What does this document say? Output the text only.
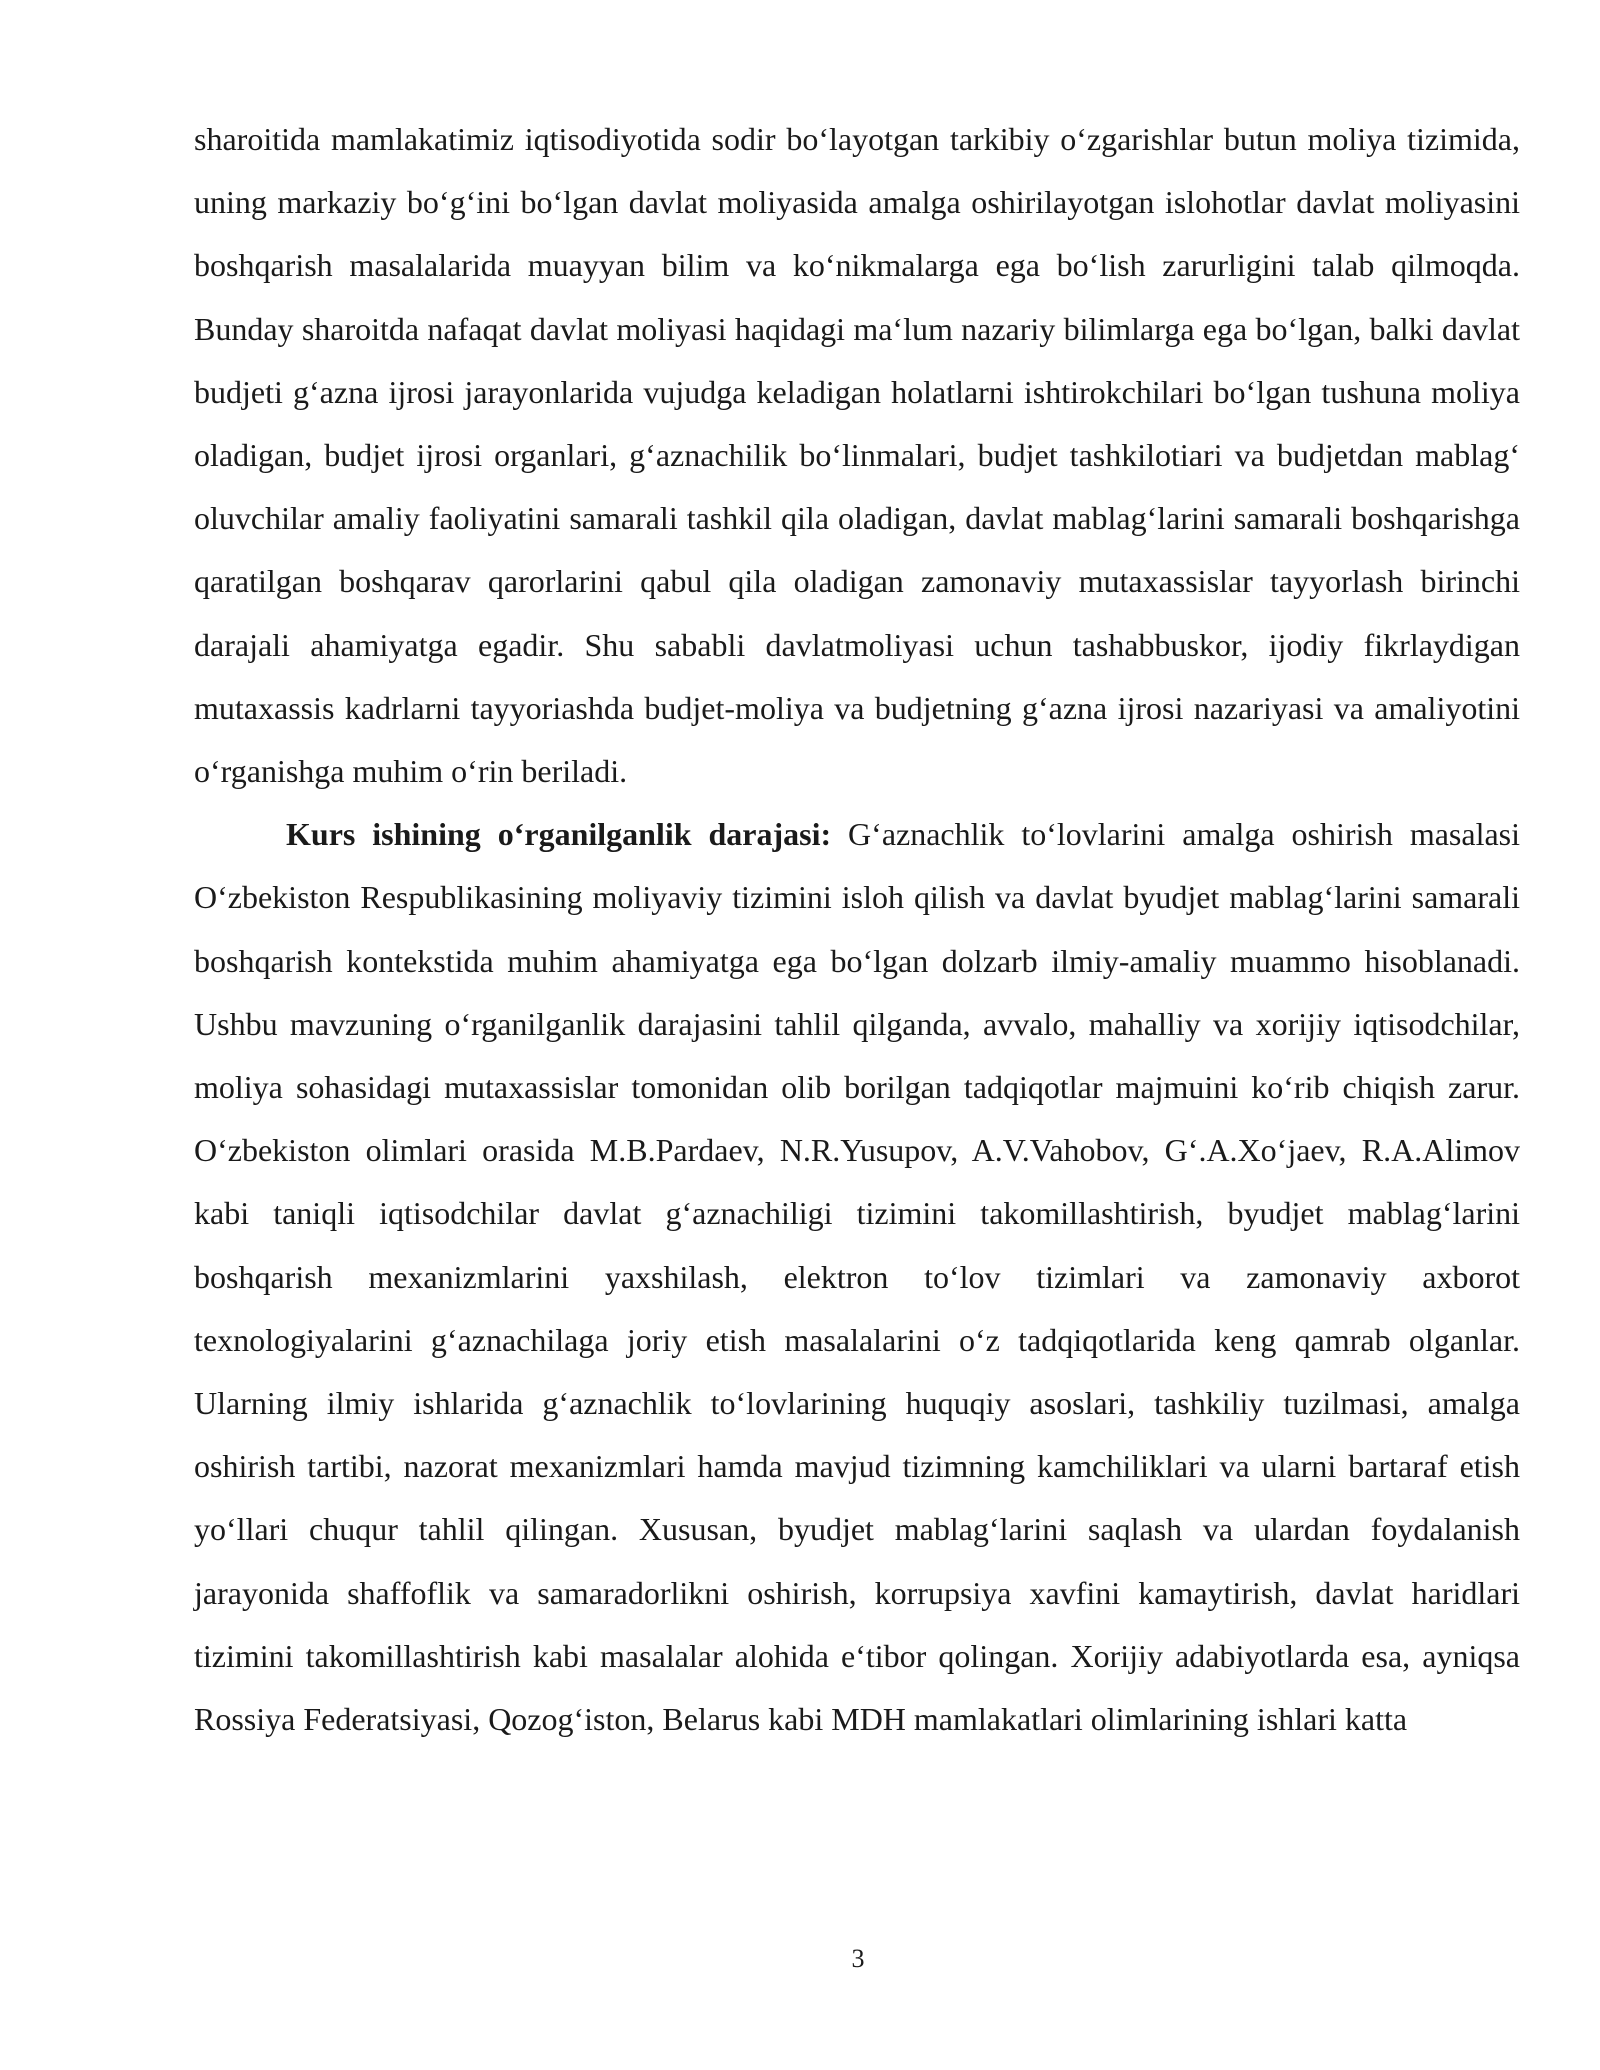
sharoitida mamlakatimiz iqtisodiyotida sodir bo‘layotgan tarkibiy o‘zgarishlar butun moliya tizimida, uning markaziy bo‘g‘ini bo‘lgan davlat moliyasida amalga oshirilayotgan islohotlar davlat moliyasini boshqarish masalalarida muayyan bilim va ko‘nikmalarga ega bo‘lish zarurligini talab qilmoqda. Bunday sharoitda nafaqat davlat moliyasi haqidagi ma‘lum nazariy bilimlarga ega bo‘lgan, balki davlat budjeti g‘azna ijrosi jarayonlarida vujudga keladigan holatlarni ishtirokchilari bo‘lgan tushuna moliya oladigan, budjet ijrosi organlari, g‘aznachilik bo‘linmalari, budjet tashkilotiari va budjetdan mablag‘ oluvchilar amaliy faoliyatini samarali tashkil qila oladigan, davlat mablag‘larini samarali boshqarishga qaratilgan boshqarav qarorlarini qabul qila oladigan zamonaviy mutaxassislar tayyorlash birinchi darajali ahamiyatga egadir. Shu sababli davlatmoliyasi uchun tashabbuskor, ijodiy fikrlaydigan mutaxassis kadrlarni tayyoriashda budjet-moliya va budjetning g‘azna ijrosi nazariyasi va amaliyotini o‘rganishga muhim o‘rin beriladi.

Kurs ishining o‘rganilganlik darajasi: G‘aznachlik to‘lovlarini amalga oshirish masalasi O‘zbekiston Respublikasining moliyaviy tizimini isloh qilish va davlat byudjet mablag‘larini samarali boshqarish kontekstida muhim ahamiyatga ega bo‘lgan dolzarb ilmiy-amaliy muammo hisoblanadi. Ushbu mavzuning o‘rganilganlik darajasini tahlil qilganda, avvalo, mahalliy va xorijiy iqtisodchilar, moliya sohasidagi mutaxassislar tomonidan olib borilgan tadqiqotlar majmuini ko‘rib chiqish zarur. O‘zbekiston olimlari orasida M.B.Pardaev, N.R.Yusupov, A.V.Vahobov, G‘.A.Xo‘jaev, R.A.Alimov kabi taniqli iqtisodchilar davlat g‘aznachiligi tizimini takomillashtirish, byudjet mablag‘larini boshqarish mexanizmlarini yaxshilash, elektron to‘lov tizimlari va zamonaviy axborot texnologiyalarini g‘aznachilaga joriy etish masalalarini o‘z tadqiqotlarida keng qamrab olganlar. Ularning ilmiy ishlarida g‘aznachlik to‘lovlarining huquqiy asoslari, tashkiliy tuzilmasi, amalga oshirish tartibi, nazorat mexanizmlari hamda mavjud tizimning kamchiliklari va ularni bartaraf etish yo‘llari chuqur tahlil qilingan. Xususan, byudjet mablag‘larini saqlash va ulardan foydalanish jarayonida shaffoflik va samaradorlikni oshirish, korrupsiya xavfini kamaytirish, davlat haridlari tizimini takomillashtirish kabi masalalar alohida e‘tibor qolingan. Xorijiy adabiyotlarda esa, ayniqsa Rossiya Federatsiyasi, Qozog‘iston, Belarus kabi MDH mamlakatlari olimlarining ishlari katta

3
